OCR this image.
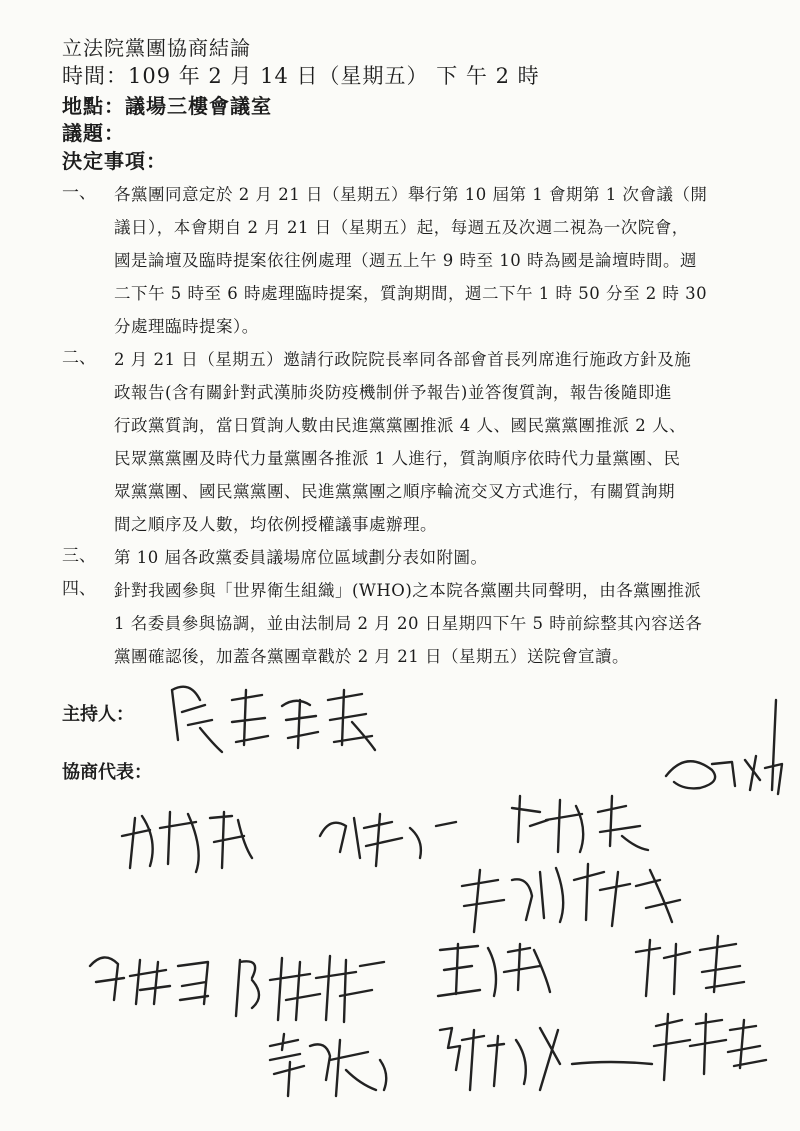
立法院黨團協商結論
時間：109 年 2 月 14 日（星期五） 下 午 2 時
地點：議場三樓會議室
議題：
決定事項：
一、 各黨團同意定於 2 月 21 日（星期五）舉行第 10 屆第 1 會期第 1 次會議（開
議日），本會期自 2 月 21 日（星期五）起，每週五及次週二視為一次院會，
國是論壇及臨時提案依往例處理（週五上午 9 時至 10 時為國是論壇時間。週
二下午 5 時至 6 時處理臨時提案，質詢期間，週二下午 1 時 50 分至 2 時 30
分處理臨時提案）。
二、 2 月 21 日（星期五）邀請行政院院長率同各部會首長列席進行施政方針及施
政報告(含有關針對武漢肺炎防疫機制併予報告)並答復質詢，報告後隨即進
行政黨質詢，當日質詢人數由民進黨黨團推派 4 人、國民黨黨團推派 2 人、
民眾黨黨團及時代力量黨團各推派 1 人進行，質詢順序依時代力量黨團、民
眾黨黨團、國民黨黨團、民進黨黨團之順序輪流交叉方式進行，有關質詢期
間之順序及人數，均依例授權議事處辦理。
三、 第 10 屆各政黨委員議場席位區域劃分表如附圖。
四、 針對我國參與「世界衛生組織」(WHO)之本院各黨團共同聲明，由各黨團推派
1 名委員參與協調，並由法制局 2 月 20 日星期四下午 5 時前綜整其內容送各
黨團確認後，加蓋各黨團章戳於 2 月 21 日（星期五）送院會宣讀。
主持人：
協商代表：
